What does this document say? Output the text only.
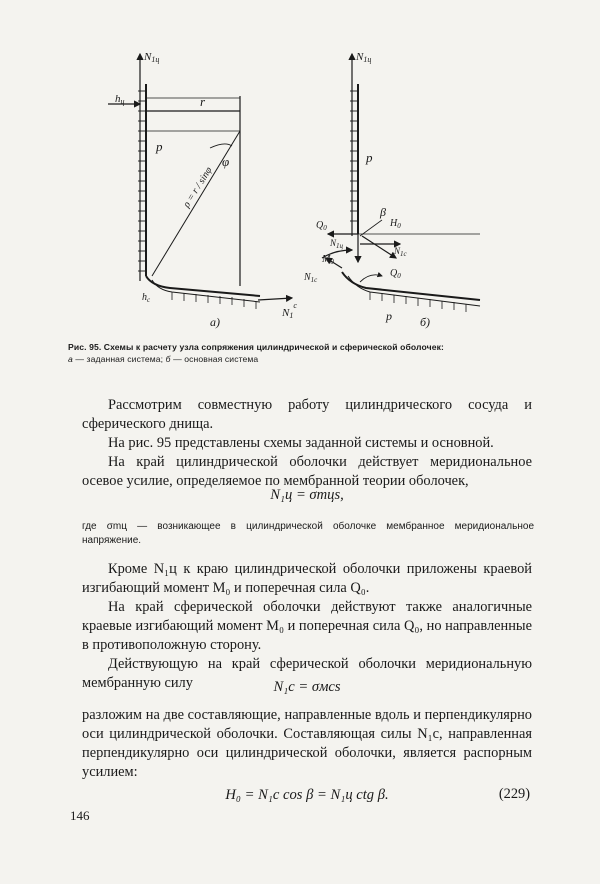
N1ц
hц	r
p
φ
ρ = r / sinφ
$h_с$
$N1^с$
а)
N1ц
p
$Q_0$
β
$H_0$
$N_{1ц}$	$N_{1с}$
$M_0$
$N_{1с}$
$Q_0$
p б)
Рис. 95. Схемы к расчету узла сопряжения цилиндрической и сферической оболочек:
а — заданная система; б — основная система

Рассмотрим совместную работу цилиндрического сосуда и сферического днища.

На рис. 95 представлены схемы заданной системы и основной.

На край цилиндрической оболочки действует меридиональное осевое усилие, определяемое по мембранной теории оболочек,

N₁ц = σmцs,
где σmц — возникающее в цилиндрической оболочке мембранное меридиональное напряжение.

Кроме N₁ц к краю цилиндрической оболочки приложены краевой изгибающий момент M₀ и поперечная сила Q₀.

На край сферической оболочки действуют также аналогичные краевые изгибающий момент M₀ и поперечная сила Q₀, но направленные в противоположную сторону.

Действующую на край сферической оболочки меридиональную мембранную силу	N₁c = σмcs

разложим на две составляющие, направленные вдоль и перпендикулярно оси цилиндрической оболочки. Составляющая силы N₁c, направленная перпендикулярно оси цилиндрической оболочки, является распорным усилием:

H₀ = N₁c cos β = N₁ц ctg β.	(229)
146
